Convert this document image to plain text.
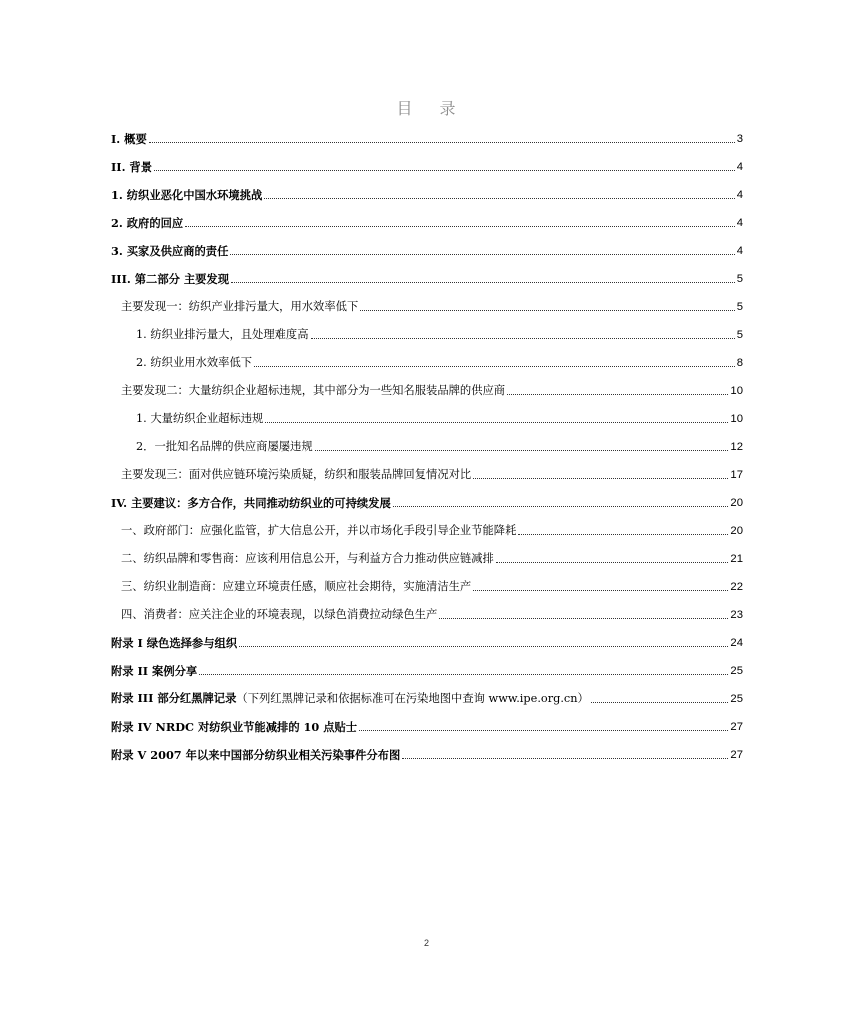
目 录
I. 概要	3
II. 背景	4
1. 纺织业恶化中国水环境挑战	4
2. 政府的回应	4
3. 买家及供应商的责任	4
III. 第二部分 主要发现	5
主要发现一：纺织产业排污量大，用水效率低下	5
1. 纺织业排污量大，且处理难度高	5
2. 纺织业用水效率低下	8
主要发现二：大量纺织企业超标违规，其中部分为一些知名服装品牌的供应商	10
1. 大量纺织企业超标违规	10
2．一批知名品牌的供应商屡屡违规	12
主要发现三：面对供应链环境污染质疑，纺织和服装品牌回复情况对比	17
IV. 主要建议：多方合作，共同推动纺织业的可持续发展	20
一、政府部门：应强化监管，扩大信息公开，并以市场化手段引导企业节能降耗	20
二、纺织品牌和零售商：应该利用信息公开，与利益方合力推动供应链减排	21
三、纺织业制造商：应建立环境责任感，顺应社会期待，实施清洁生产	22
四、消费者：应关注企业的环境表现，以绿色消费拉动绿色生产	23
附录 I 绿色选择参与组织	24
附录 II 案例分享	25
附录 III 部分红黑牌记录（下列红黑牌记录和依据标准可在污染地图中查询 www.ipe.org.cn）	25
附录 IV NRDC 对纺织业节能减排的 10 点贴士	27
附录 V 2007 年以来中国部分纺织业相关污染事件分布图	27
2
